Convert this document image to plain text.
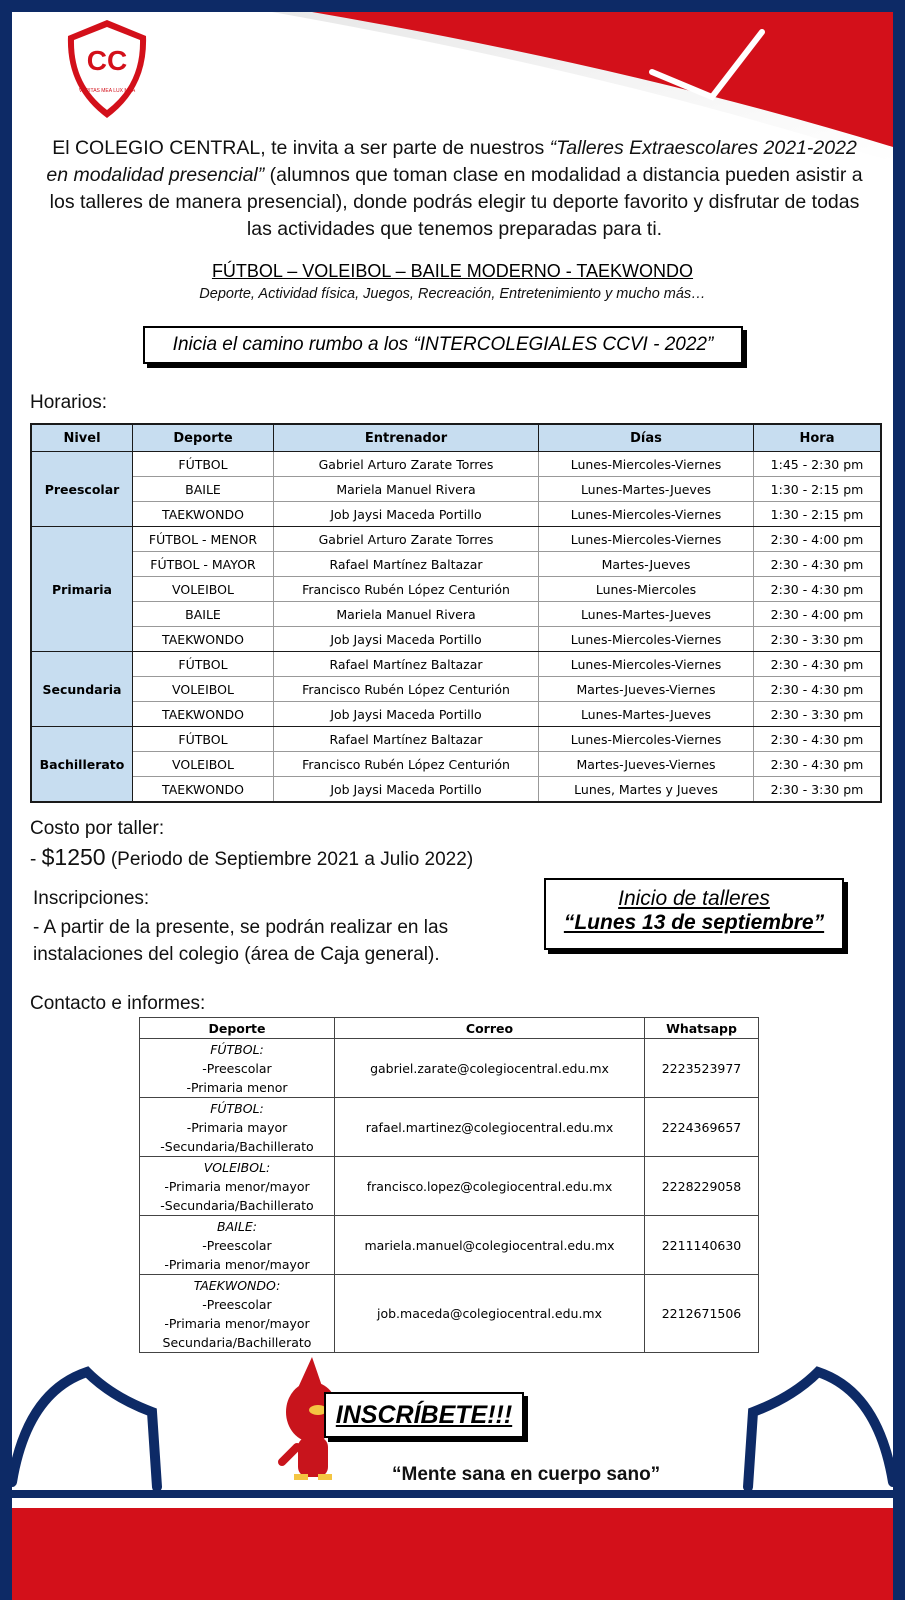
CC
VERITAS MEA LUX MEA
El COLEGIO CENTRAL, te invita a ser parte de nuestros “Talleres Extraescolares 2021-2022 en modalidad presencial” (alumnos que toman clase en modalidad a distancia pueden asistir a los talleres de manera presencial), donde podrás elegir tu deporte favorito y disfrutar de todas las actividades que tenemos preparadas para ti.
FÚTBOL – VOLEIBOL – BAILE MODERNO - TAEKWONDO
Deporte, Actividad física, Juegos, Recreación, Entretenimiento y mucho más…
Inicia el camino rumbo a los “INTERCOLEGIALES CCVI - 2022”
Horarios:
Nivel	Deporte	Entrenador	Días	Hora
Preescolar	FÚTBOL	Gabriel Arturo Zarate Torres	Lunes-Miercoles-Viernes	1:45 - 2:30 pm
	BAILE	Mariela Manuel Rivera	Lunes-Martes-Jueves	1:30 - 2:15 pm
	TAEKWONDO	Job Jaysi Maceda Portillo	Lunes-Miercoles-Viernes	1:30 - 2:15 pm
Primaria	FÚTBOL - MENOR	Gabriel Arturo Zarate Torres	Lunes-Miercoles-Viernes	2:30 - 4:00 pm
	FÚTBOL - MAYOR	Rafael Martínez Baltazar	Martes-Jueves	2:30 - 4:30 pm
	VOLEIBOL	Francisco Rubén López Centurión	Lunes-Miercoles	2:30 - 4:30 pm
	BAILE	Mariela Manuel Rivera	Lunes-Martes-Jueves	2:30 - 4:00 pm
	TAEKWONDO	Job Jaysi Maceda Portillo	Lunes-Miercoles-Viernes	2:30 - 3:30 pm
Secundaria	FÚTBOL	Rafael Martínez Baltazar	Lunes-Miercoles-Viernes	2:30 - 4:30 pm
	VOLEIBOL	Francisco Rubén López Centurión	Martes-Jueves-Viernes	2:30 - 4:30 pm
	TAEKWONDO	Job Jaysi Maceda Portillo	Lunes-Martes-Jueves	2:30 - 3:30 pm
Bachillerato	FÚTBOL	Rafael Martínez Baltazar	Lunes-Miercoles-Viernes	2:30 - 4:30 pm
	VOLEIBOL	Francisco Rubén López Centurión	Martes-Jueves-Viernes	2:30 - 4:30 pm
	TAEKWONDO	Job Jaysi Maceda Portillo	Lunes, Martes y Jueves	2:30 - 3:30 pm
Costo por taller:
- $1250 (Periodo de Septiembre 2021 a Julio 2022)
Inscripciones:
- A partir de la presente, se podrán realizar en las instalaciones del colegio (área de Caja general).
Inicio de talleres
“Lunes 13 de septiembre”
Contacto e informes:
Deporte	Correo	Whatsapp

FÚTBOL:
-Preescolar
-Primaria menor	gabriel.zarate@colegiocentral.edu.mx	2223523977

FÚTBOL:
-Primaria mayor
-Secundaria/Bachillerato	rafael.martinez@colegiocentral.edu.mx	2224369657

VOLEIBOL:
-Primaria menor/mayor
-Secundaria/Bachillerato	francisco.lopez@colegiocentral.edu.mx	2228229058

BAILE:
-Preescolar
-Primaria menor/mayor	mariela.manuel@colegiocentral.edu.mx	2211140630

TAEKWONDO:
-Preescolar
-Primaria menor/mayor
Secundaria/Bachillerato	job.maceda@colegiocentral.edu.mx	2212671506
INSCRÍBETE!!!
“Mente sana en cuerpo sano”
